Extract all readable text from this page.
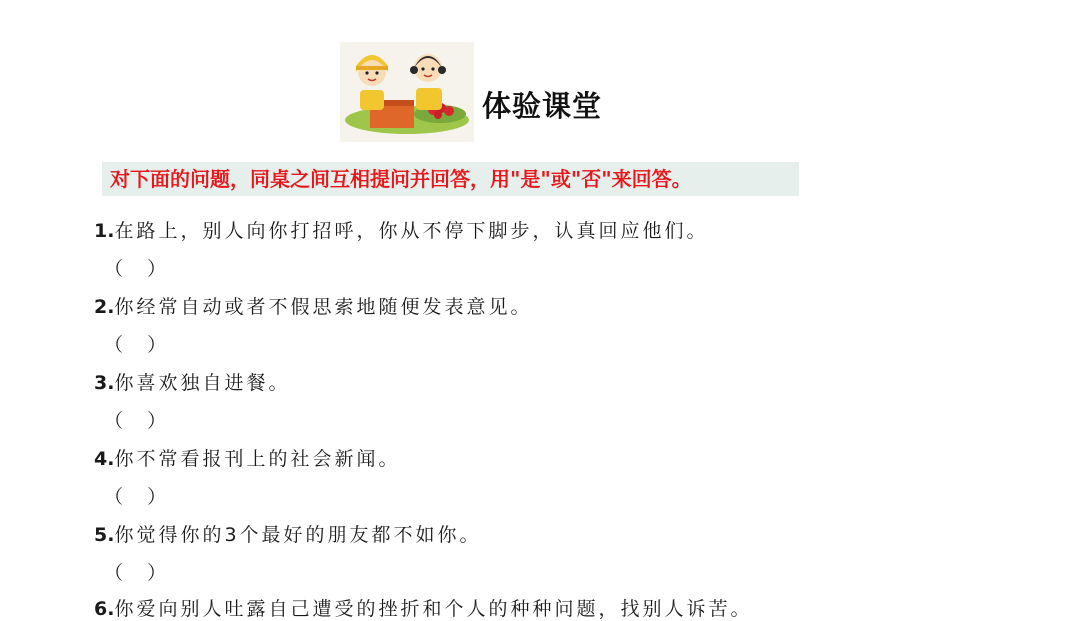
体验课堂
对下面的问题，同桌之间互相提问并回答，用"是"或"否"来回答。
1.在路上，别人向你打招呼，你从不停下脚步，认真回应他们。
（    ）
2.你经常自动或者不假思索地随便发表意见。
（    ）
3.你喜欢独自进餐。
（    ）
4.你不常看报刊上的社会新闻。
（    ）
5.你觉得你的3个最好的朋友都不如你。
（    ）
6.你爱向别人吐露自己遭受的挫折和个人的种种问题，找别人诉苦。
